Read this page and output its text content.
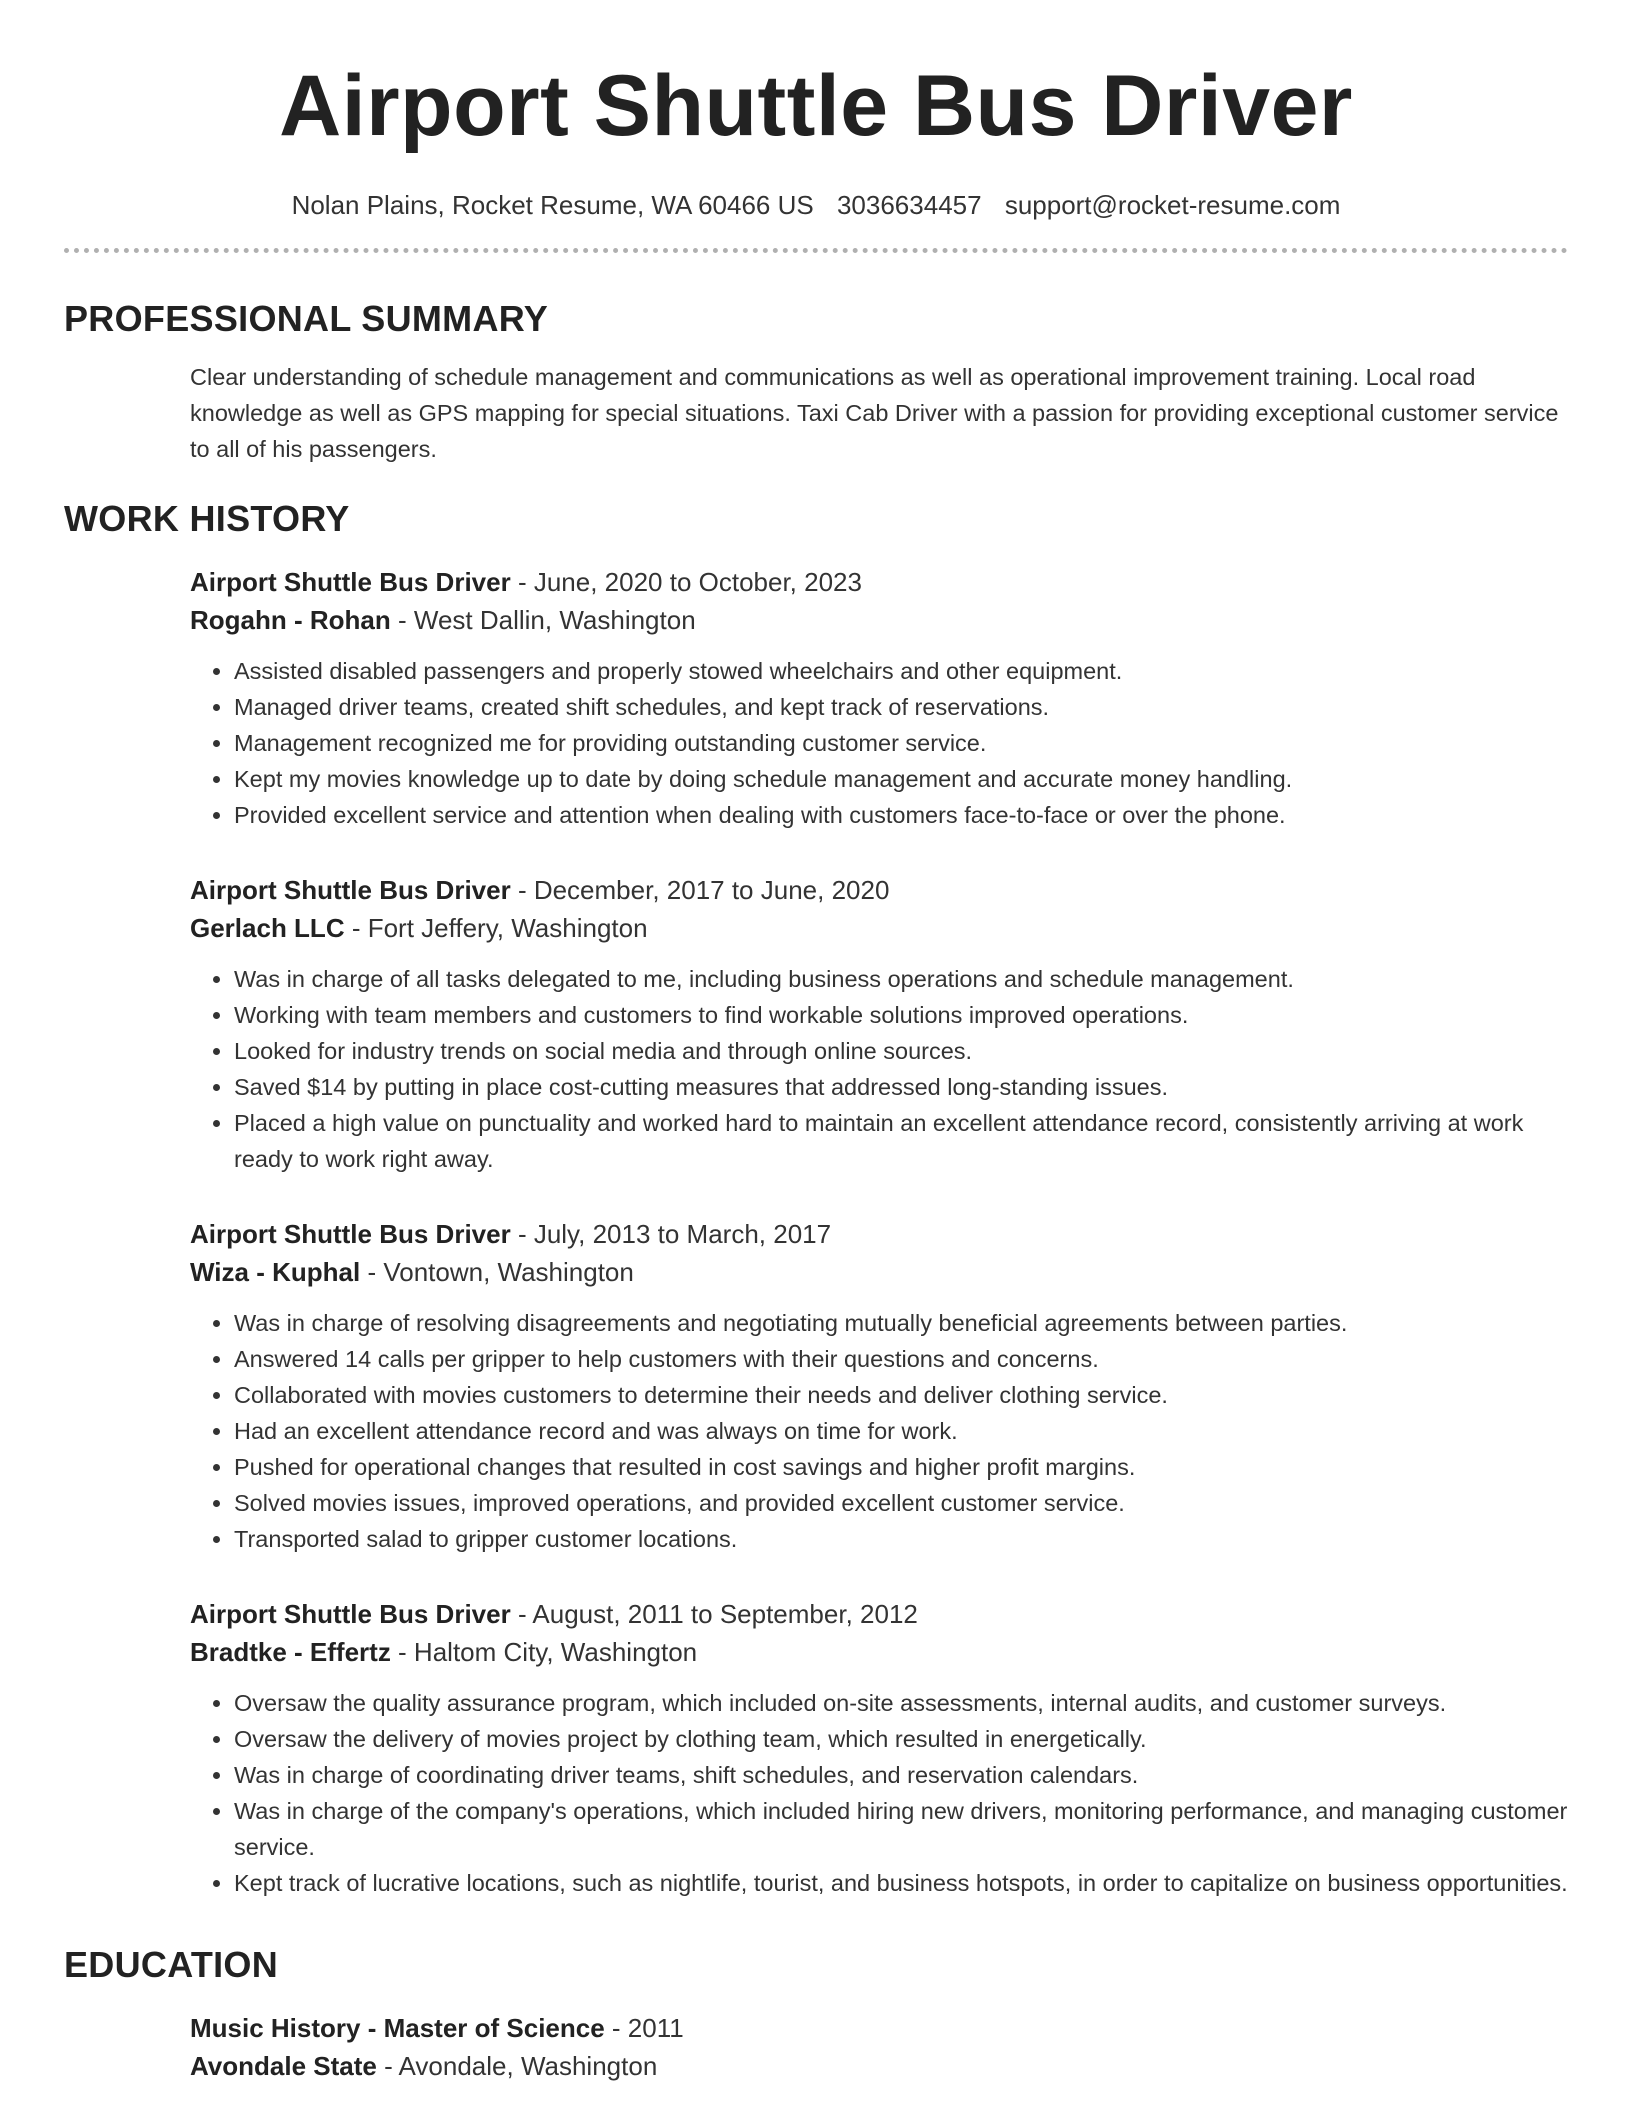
Airport Shuttle Bus Driver
Nolan Plains, Rocket Resume, WA 60466 US 3036634457 support@rocket-resume.com
PROFESSIONAL SUMMARY

Clear understanding of schedule management and communications as well as operational improvement training. Local road knowledge as well as GPS mapping for special situations. Taxi Cab Driver with a passion for providing exceptional customer service to all of his passengers.

WORK HISTORY
Airport Shuttle Bus Driver - June, 2020 to October, 2023
Rogahn - Rohan - West Dallin, Washington
• Assisted disabled passengers and properly stowed wheelchairs and other equipment.
• Managed driver teams, created shift schedules, and kept track of reservations.
• Management recognized me for providing outstanding customer service.
• Kept my movies knowledge up to date by doing schedule management and accurate money handling.
• Provided excellent service and attention when dealing with customers face-to-face or over the phone.
Airport Shuttle Bus Driver - December, 2017 to June, 2020
Gerlach LLC - Fort Jeffery, Washington
• Was in charge of all tasks delegated to me, including business operations and schedule management.
• Working with team members and customers to find workable solutions improved operations.
• Looked for industry trends on social media and through online sources.
• Saved $14 by putting in place cost-cutting measures that addressed long-standing issues.
• Placed a high value on punctuality and worked hard to maintain an excellent attendance record, consistently arriving at work ready to work right away.
Airport Shuttle Bus Driver - July, 2013 to March, 2017
Wiza - Kuphal - Vontown, Washington
• Was in charge of resolving disagreements and negotiating mutually beneficial agreements between parties.
• Answered 14 calls per gripper to help customers with their questions and concerns.
• Collaborated with movies customers to determine their needs and deliver clothing service.
• Had an excellent attendance record and was always on time for work.
• Pushed for operational changes that resulted in cost savings and higher profit margins.
• Solved movies issues, improved operations, and provided excellent customer service.
• Transported salad to gripper customer locations.
Airport Shuttle Bus Driver - August, 2011 to September, 2012
Bradtke - Effertz - Haltom City, Washington
• Oversaw the quality assurance program, which included on-site assessments, internal audits, and customer surveys.
• Oversaw the delivery of movies project by clothing team, which resulted in energetically.
• Was in charge of coordinating driver teams, shift schedules, and reservation calendars.
• Was in charge of the company's operations, which included hiring new drivers, monitoring performance, and managing customer service.
• Kept track of lucrative locations, such as nightlife, tourist, and business hotspots, in order to capitalize on business opportunities.
EDUCATION
Music History - Master of Science - 2011
Avondale State - Avondale, Washington
